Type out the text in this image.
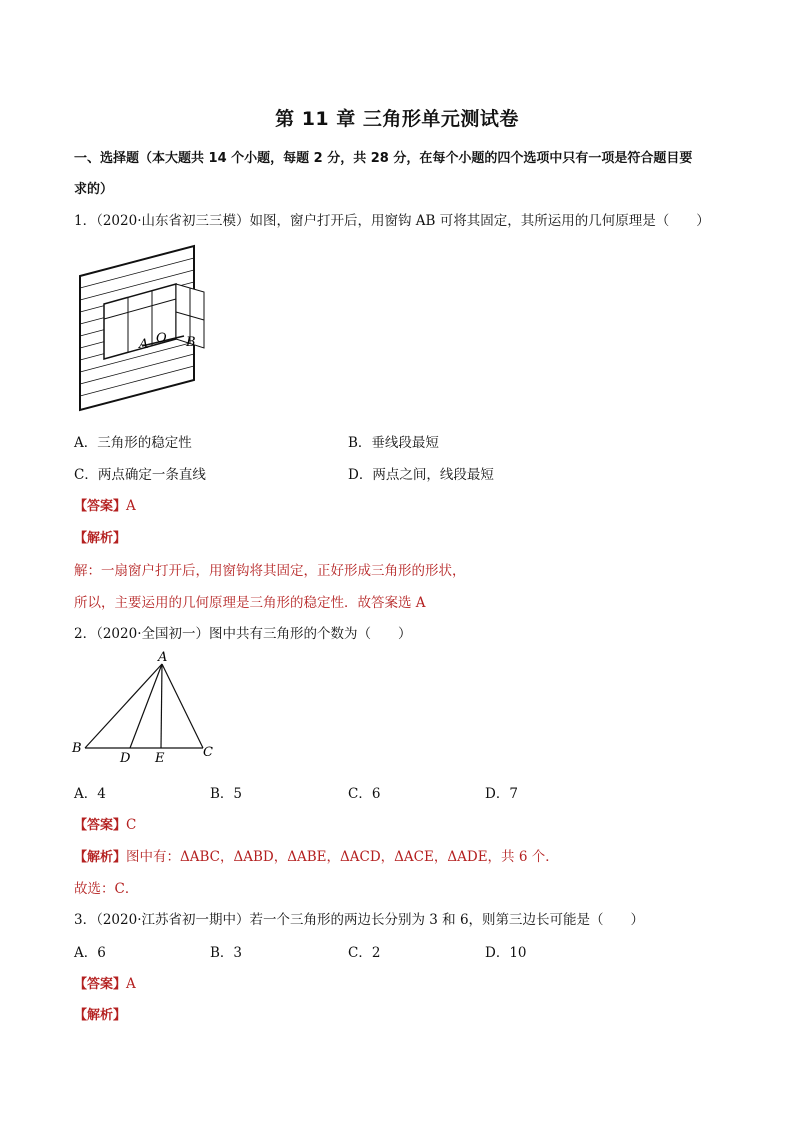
第 11 章 三角形单元测试卷
一、选择题（本大题共 14 个小题，每题 2 分，共 28 分，在每个小题的四个选项中只有一项是符合题目要
求的）
1．（2020·山东省初三三模）如图，窗户打开后，用窗钩 AB 可将其固定，其所运用的几何原理是（　　）
A O B
A．三角形的稳定性	B．垂线段最短
C．两点确定一条直线	D．两点之间，线段最短
【答案】A
【解析】
解：一扇窗户打开后，用窗钩将其固定，正好形成三角形的形状，
所以，主要运用的几何原理是三角形的稳定性．故答案选 A
2．（2020·全国初一）图中共有三角形的个数为（　　）
A
B
D E	C
A．4	B．5	C．6	D．7
【答案】C
【解析】图中有：ΔABC，ΔABD，ΔABE，ΔACD，ΔACE，ΔADE，共 6 个．
故选：C．
3．（2020·江苏省初一期中）若一个三角形的两边长分别为 3 和 6，则第三边长可能是（　　）
A．6	B．3	C．2	D．10
【答案】A
【解析】
